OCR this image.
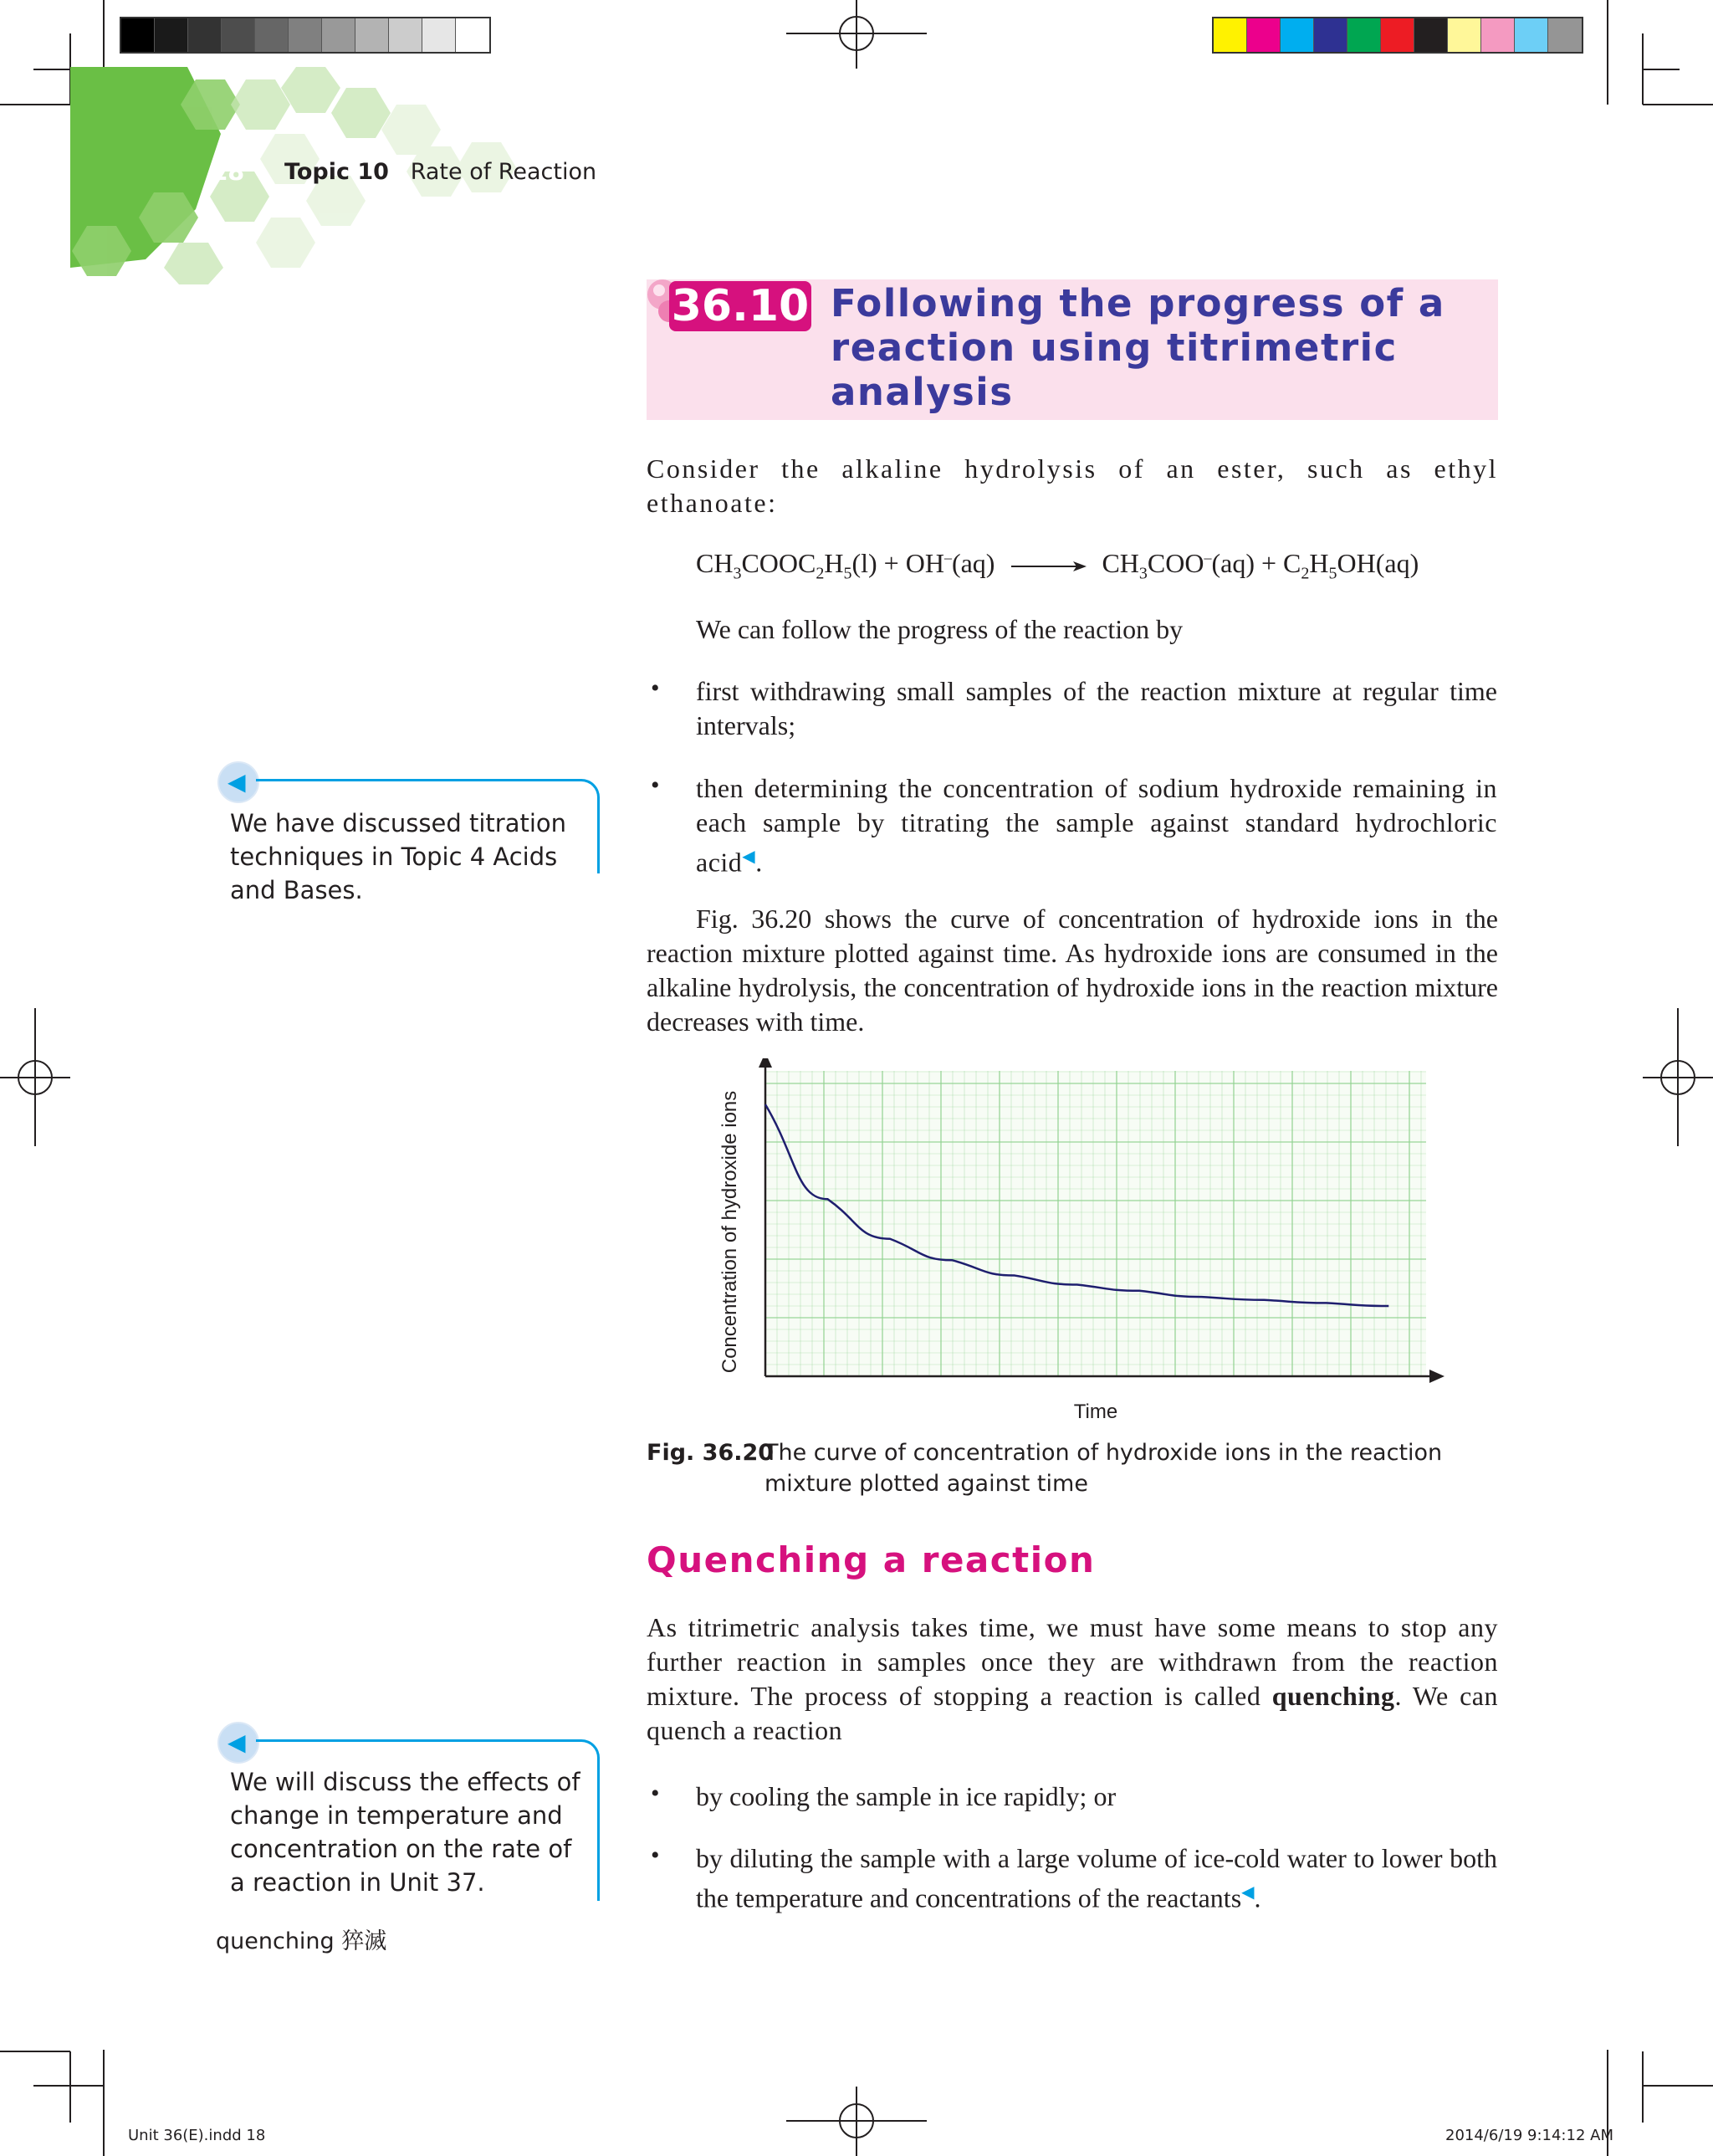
18 Topic 10 Rate of Reaction
36.10 Following the progress of a reaction using titrimetric analysis
Consider the alkaline hydrolysis of an ester, such as ethyl ethanoate:
$CH_3COOC_2H_5(l) + OH^-(aq) \to CH_3COO^-(aq) + C_2H_5OH(aq)$
We can follow the progress of the reaction by
• first withdrawing small samples of the reaction mixture at regular time intervals;
• then determining the concentration of sodium hydroxide remaining in each sample by titrating the sample against standard hydrochloric acid◀.
Fig. 36.20 shows the curve of concentration of hydroxide ions in the reaction mixture plotted against time. As hydroxide ions are consumed in the alkaline hydrolysis, the concentration of hydroxide ions in the reaction mixture decreases with time.
◀
We have discussed titration techniques in Topic 4 Acids and Bases.
Time
Concentration of hydroxide ions
Fig. 36.20
The curve of concentration of hydroxide ions in the reaction mixture plotted against time
Quenching a reaction
As titrimetric analysis takes time, we must have some means to stop any further reaction in samples once they are withdrawn from the reaction mixture. The process of stopping a reaction is called quenching. We can quench a reaction
• by cooling the sample in ice rapidly; or
• by diluting the sample with a large volume of ice-cold water to lower both the temperature and concentrations of the reactants◀.
◀
We will discuss the effects of change in temperature and concentration on the rate of a reaction in Unit 37.
quenching 猝滅
Unit 36(E).indd 18	2014/6/19 9:14:12 AM
